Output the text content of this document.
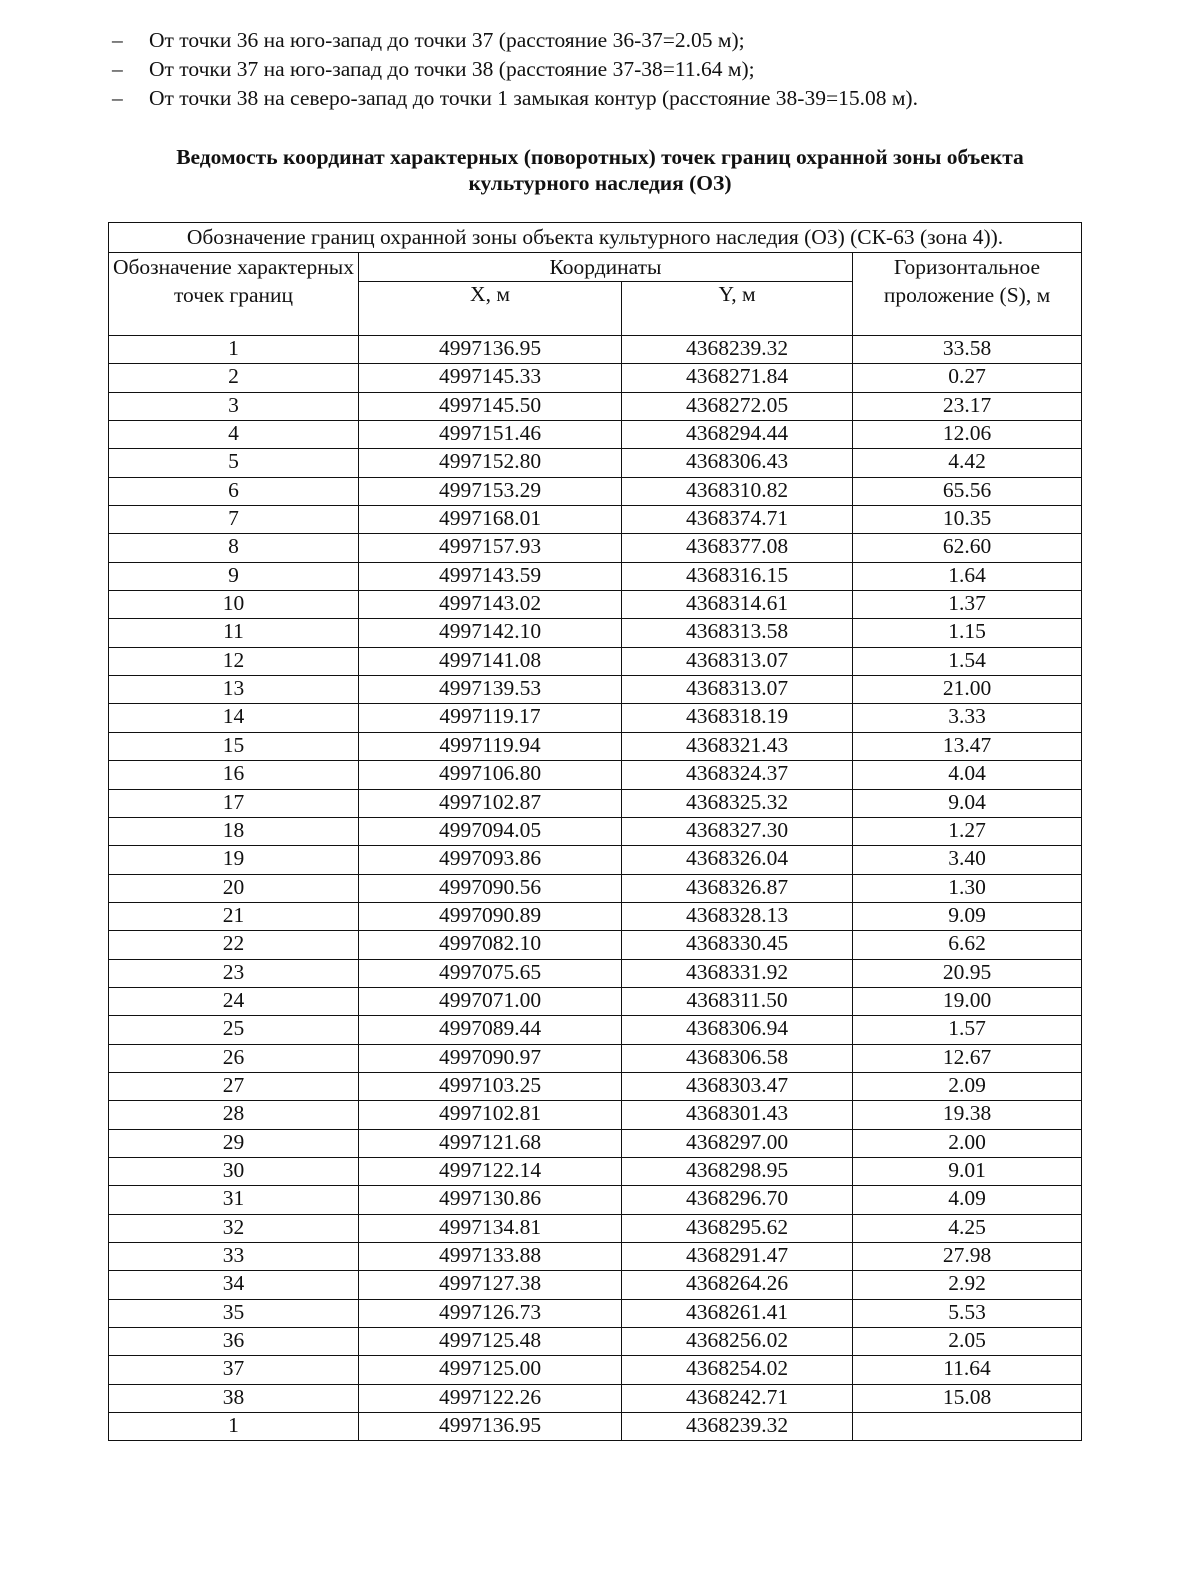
– От точки 36 на юго-запад до точки 37 (расстояние 36-37=2.05 м);
– От точки 37 на юго-запад до точки 38 (расстояние 37-38=11.64 м);
– От точки 38 на северо-запад до точки 1 замыкая контур (расстояние 38-39=15.08 м).
Ведомость координат характерных (поворотных) точек границ охранной зоны объекта
культурного наследия (ОЗ)
Обозначение границ охранной зоны объекта культурного наследия (ОЗ) (СК-63 (зона 4)).			
Обозначение характерных точек границ	Координаты		Горизонтальное проложение (S), м
	X, м	Y, м	
1	4997136.95	4368239.32	33.58
2	4997145.33	4368271.84	0.27
3	4997145.50	4368272.05	23.17
4	4997151.46	4368294.44	12.06
5	4997152.80	4368306.43	4.42
6	4997153.29	4368310.82	65.56
7	4997168.01	4368374.71	10.35
8	4997157.93	4368377.08	62.60
9	4997143.59	4368316.15	1.64
10	4997143.02	4368314.61	1.37
11	4997142.10	4368313.58	1.15
12	4997141.08	4368313.07	1.54
13	4997139.53	4368313.07	21.00
14	4997119.17	4368318.19	3.33
15	4997119.94	4368321.43	13.47
16	4997106.80	4368324.37	4.04
17	4997102.87	4368325.32	9.04
18	4997094.05	4368327.30	1.27
19	4997093.86	4368326.04	3.40
20	4997090.56	4368326.87	1.30
21	4997090.89	4368328.13	9.09
22	4997082.10	4368330.45	6.62
23	4997075.65	4368331.92	20.95
24	4997071.00	4368311.50	19.00
25	4997089.44	4368306.94	1.57
26	4997090.97	4368306.58	12.67
27	4997103.25	4368303.47	2.09
28	4997102.81	4368301.43	19.38
29	4997121.68	4368297.00	2.00
30	4997122.14	4368298.95	9.01
31	4997130.86	4368296.70	4.09
32	4997134.81	4368295.62	4.25
33	4997133.88	4368291.47	27.98
34	4997127.38	4368264.26	2.92
35	4997126.73	4368261.41	5.53
36	4997125.48	4368256.02	2.05
37	4997125.00	4368254.02	11.64
38	4997122.26	4368242.71	15.08
1	4997136.95	4368239.32	
